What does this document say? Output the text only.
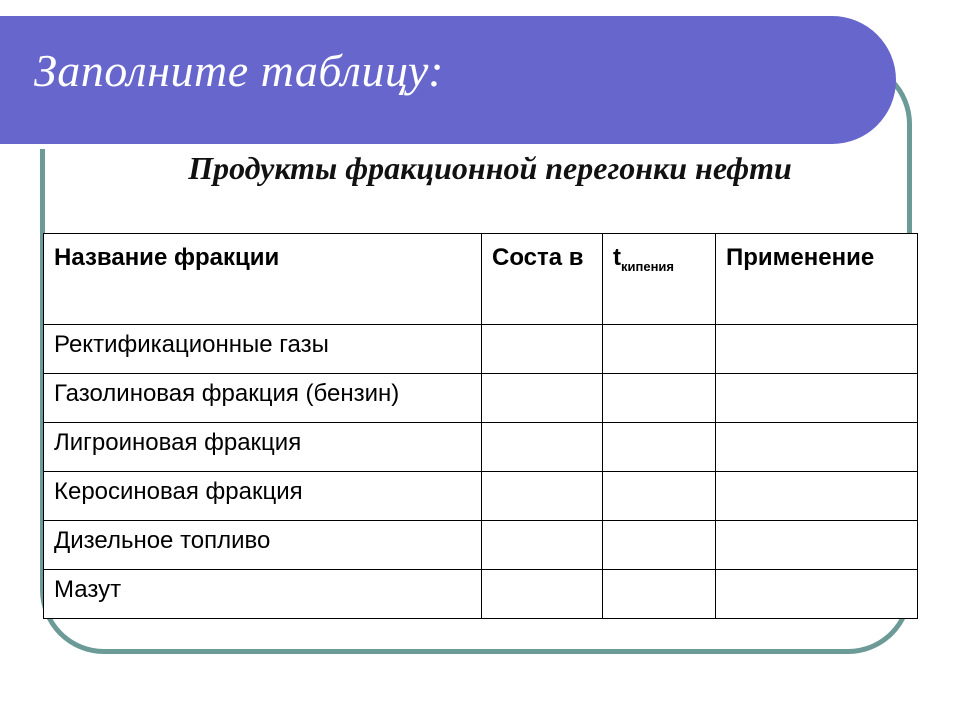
Заполните таблицу:
Продукты фракционной перегонки нефти
Название фракции	Соста в	$t_{кипения}$	Применение
Ректификационные газы			
Газолиновая фракция (бензин)			
Лигроиновая фракция			
Керосиновая фракция			
Дизельное топливо			
Мазут			
